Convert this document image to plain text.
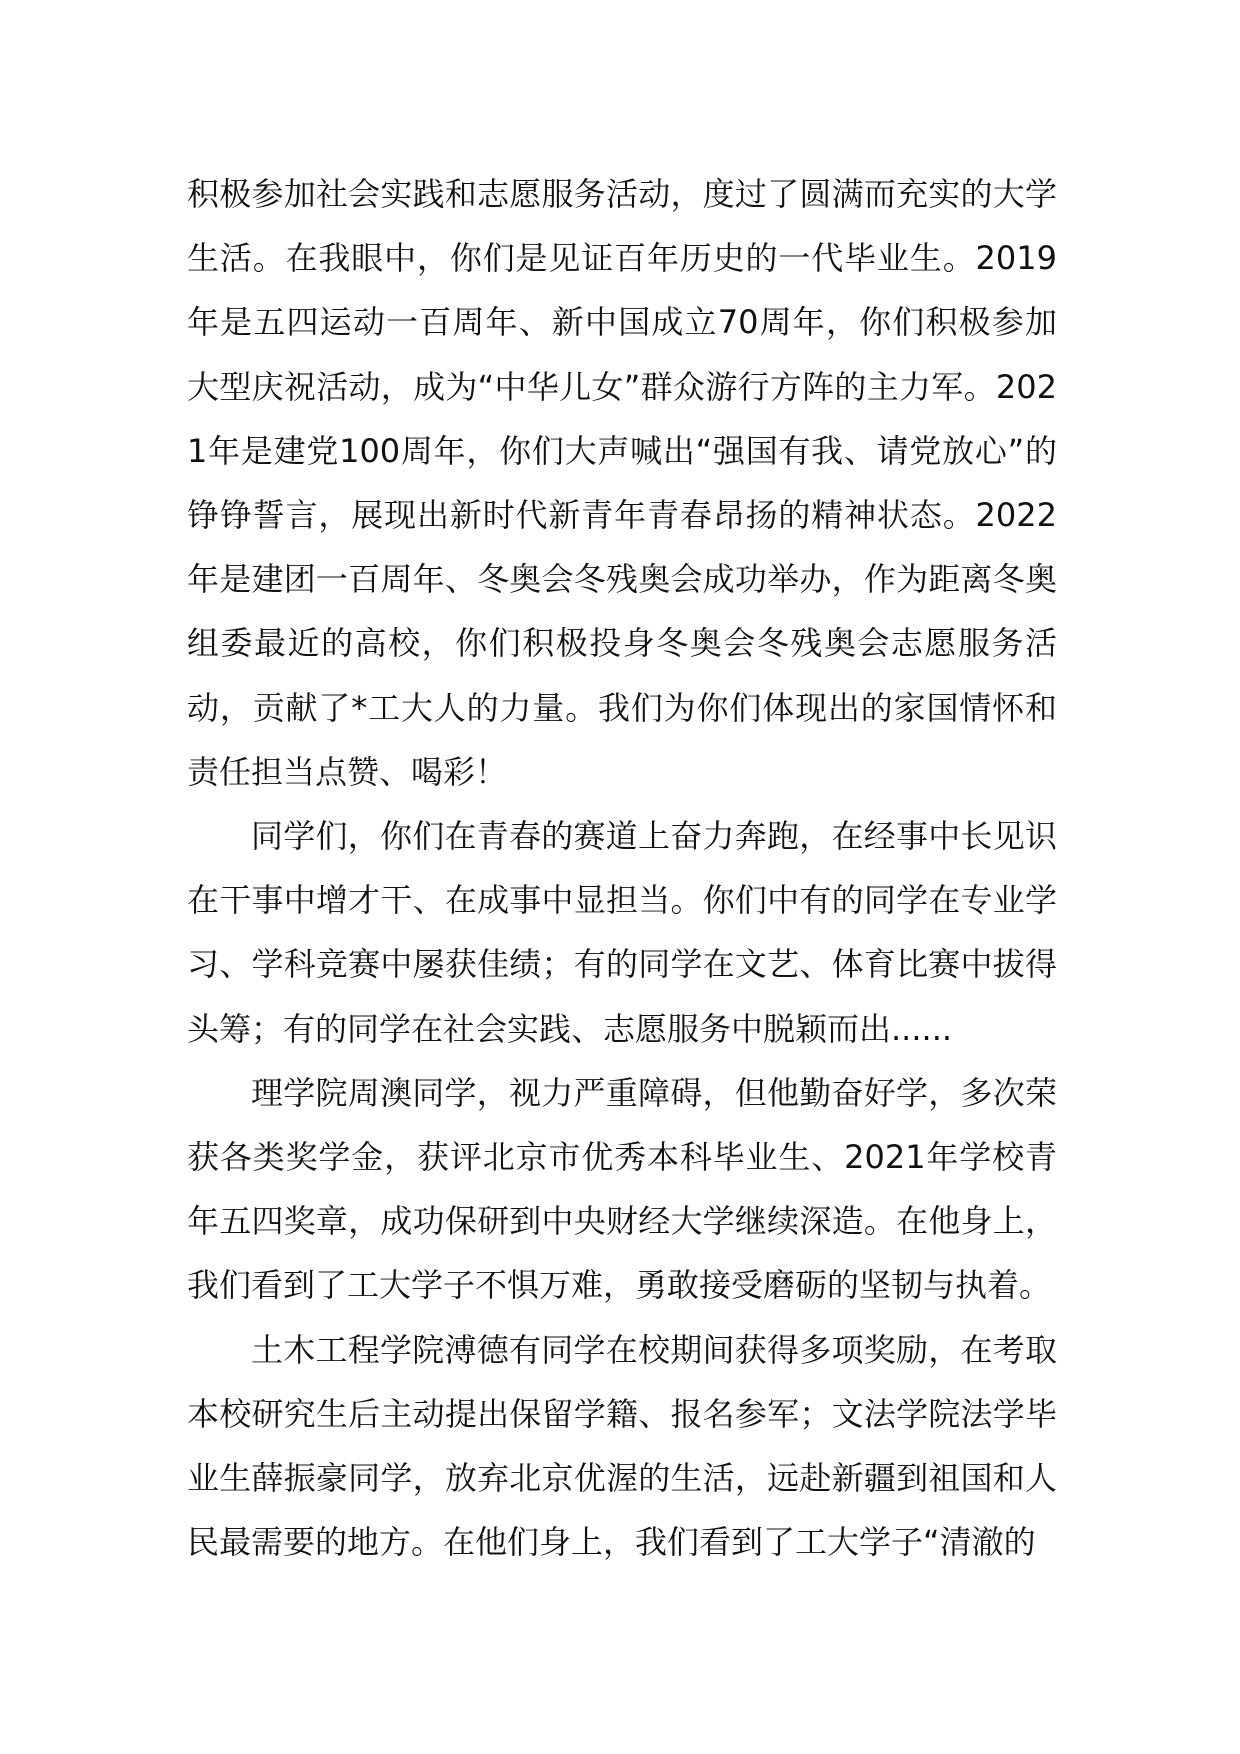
积极参加社会实践和志愿服务活动，度过了圆满而充实的大学生活。在我眼中，你们是见证百年历史的一代毕业生。2019年是五四运动一百周年、新中国成立70周年，你们积极参加大型庆祝活动，成为“中华儿女”群众游行方阵的主力军。2021年是建党100周年，你们大声喊出“强国有我、请党放心”的铮铮誓言，展现出新时代新青年青春昂扬的精神状态。2022年是建团一百周年、冬奥会冬残奥会成功举办，作为距离冬奥组委最近的高校，你们积极投身冬奥会冬残奥会志愿服务活动，贡献了*工大人的力量。我们为你们体现出的家国情怀和责任担当点赞、喝彩！

同学们，你们在青春的赛道上奋力奔跑，在经事中长见识在干事中增才干、在成事中显担当。你们中有的同学在专业学习、学科竞赛中屡获佳绩；有的同学在文艺、体育比赛中拔得头筹；有的同学在社会实践、志愿服务中脱颖而出......

理学院周澳同学，视力严重障碍，但他勤奋好学，多次荣获各类奖学金，获评北京市优秀本科毕业生、2021年学校青年五四奖章，成功保研到中央财经大学继续深造。在他身上，我们看到了工大学子不惧万难，勇敢接受磨砺的坚韧与执着。

土木工程学院溥德有同学在校期间获得多项奖励，在考取本校研究生后主动提出保留学籍、报名参军；文法学院法学毕业生薛振豪同学，放弃北京优渥的生活，远赴新疆到祖国和人民最需要的地方。在他们身上，我们看到了工大学子“清澈的
